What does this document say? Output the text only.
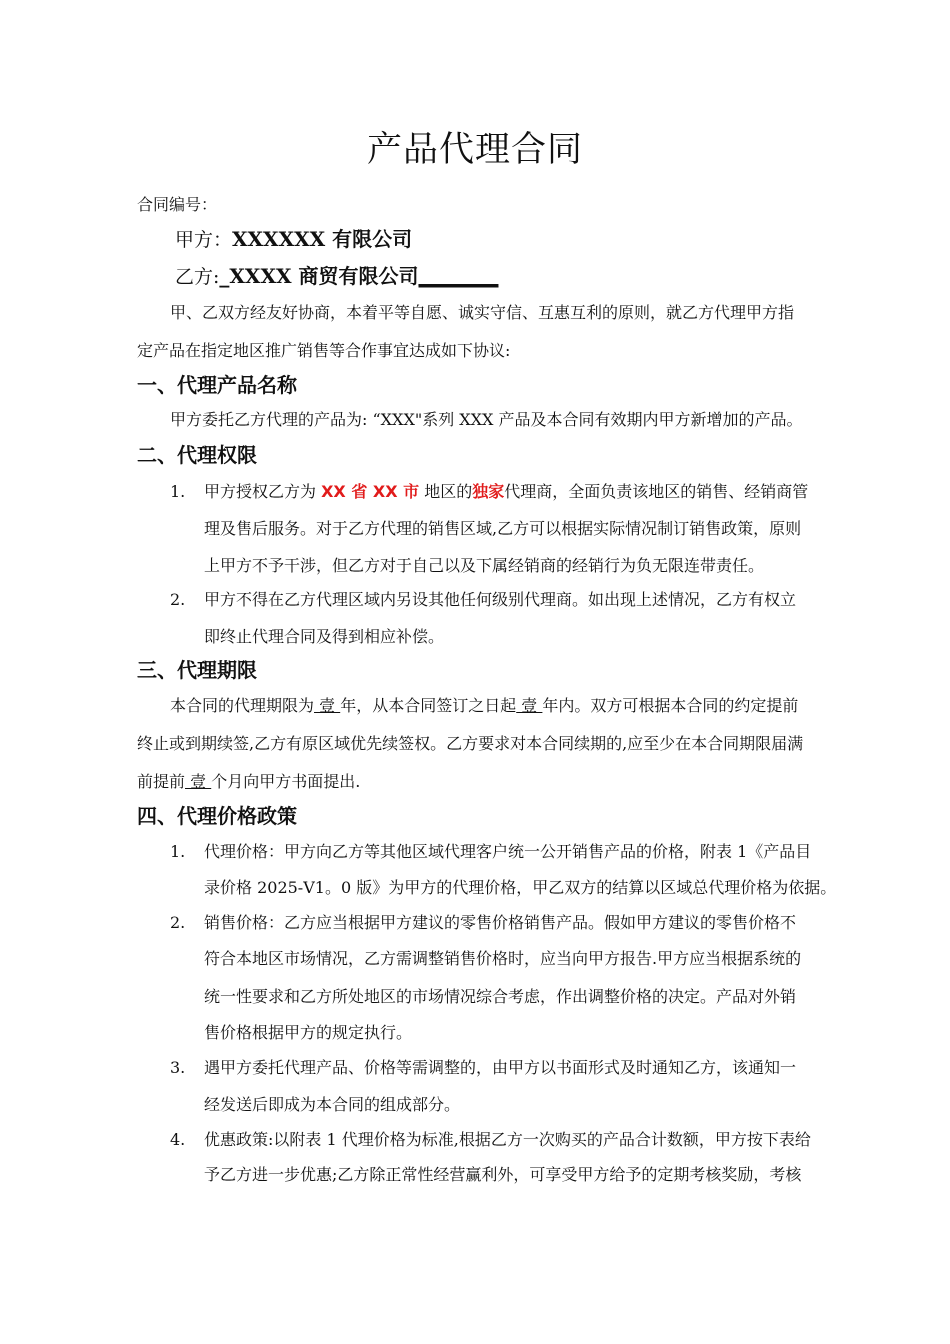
产品代理合同
合同编号：
甲方：XXXXXX 有限公司
乙方:_XXXX 商贸有限公司________
甲、乙双方经友好协商，本着平等自愿、诚实守信、互惠互利的原则，就乙方代理甲方指
定产品在指定地区推广销售等合作事宜达成如下协议:
一、代理产品名称
甲方委托乙方代理的产品为: “XXX"系列 XXX 产品及本合同有效期内甲方新增加的产品。
二、代理权限
1. 甲方授权乙方为 XX 省 XX 市 地区的独家代理商，全面负责该地区的销售、经销商管
理及售后服务。对于乙方代理的销售区域,乙方可以根据实际情况制订销售政策，原则
上甲方不予干涉，但乙方对于自己以及下属经销商的经销行为负无限连带责任。
2. 甲方不得在乙方代理区域内另设其他任何级别代理商。如出现上述情况，乙方有权立
即终止代理合同及得到相应补偿。
三、代理期限
本合同的代理期限为 壹 年，从本合同签订之日起 壹 年内。双方可根据本合同的约定提前
终止或到期续签,乙方有原区域优先续签权。乙方要求对本合同续期的,应至少在本合同期限届满
前提前 壹 个月向甲方书面提出.
四、代理价格政策
1. 代理价格：甲方向乙方等其他区域代理客户统一公开销售产品的价格，附表 1《产品目
录价格 2025-V1。0 版》为甲方的代理价格，甲乙双方的结算以区域总代理价格为依据。
2. 销售价格：乙方应当根据甲方建议的零售价格销售产品。假如甲方建议的零售价格不
符合本地区市场情况，乙方需调整销售价格时，应当向甲方报告.甲方应当根据系统的
统一性要求和乙方所处地区的市场情况综合考虑，作出调整价格的决定。产品对外销
售价格根据甲方的规定执行。
3. 遇甲方委托代理产品、价格等需调整的，由甲方以书面形式及时通知乙方，该通知一
经发送后即成为本合同的组成部分。
4. 优惠政策:以附表 1 代理价格为标准,根据乙方一次购买的产品合计数额，甲方按下表给
予乙方进一步优惠;乙方除正常性经营赢利外，可享受甲方给予的定期考核奖励，考核
